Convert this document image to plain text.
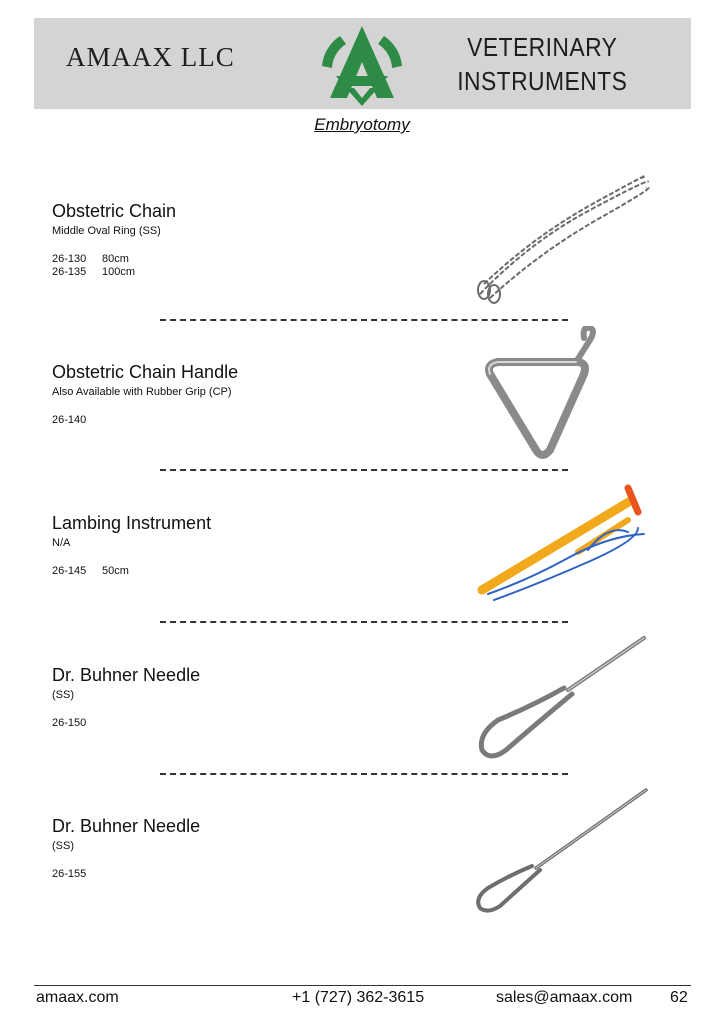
AMAAX LLC	VETERINARY
INSTRUMENTS
Embryotomy
Obstetric Chain
Middle Oval Ring (SS)
26-130 80cm
26-135 100cm
Obstetric Chain Handle
Also Available with Rubber Grip (CP)
26-140
Lambing Instrument
N/A
26-145 50cm
Dr. Buhner Needle
(SS)
26-150
Dr. Buhner Needle
(SS)
26-155
amaax.com	+1 (727) 362-3615	sales@amaax.com 62
